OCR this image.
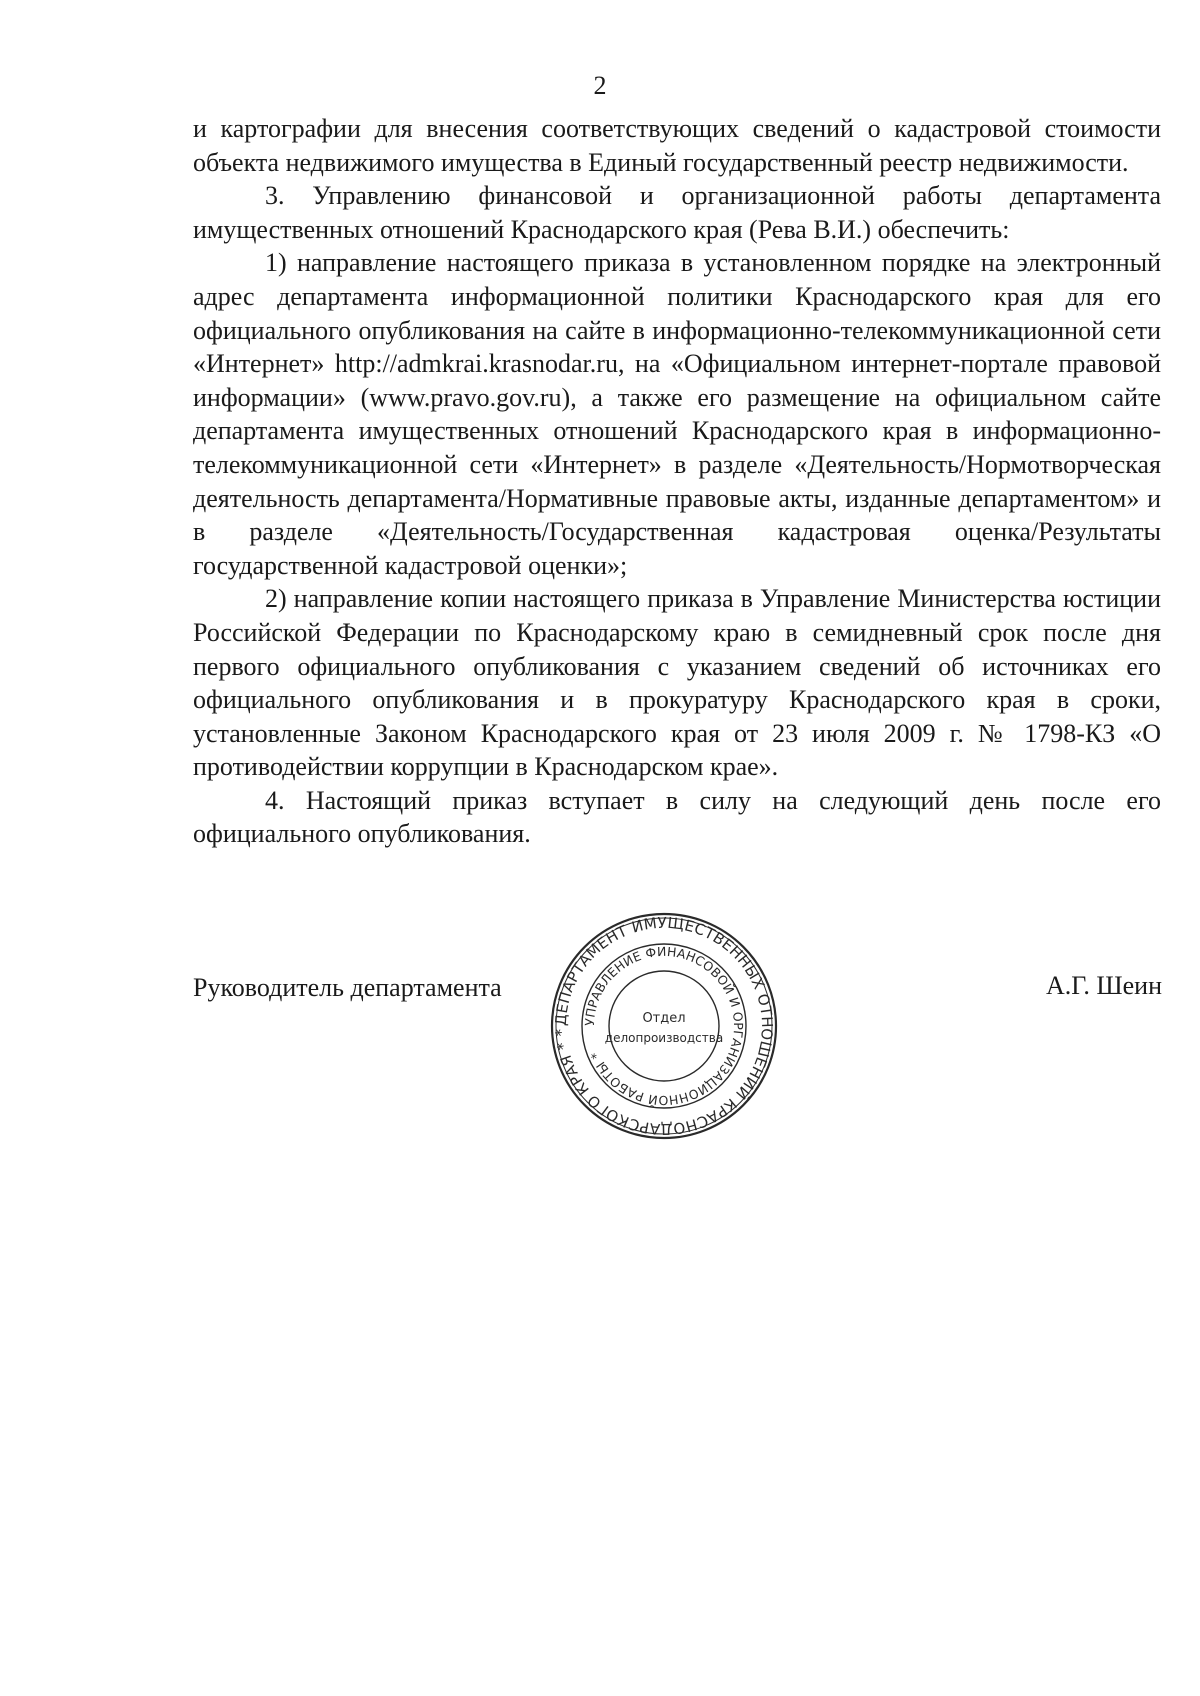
2

и картографии для внесения соответствующих сведений о кадастровой стоимости объекта недвижимого имущества в Единый государственный реестр недвижимости.

3. Управлению финансовой и организационной работы департамента имущественных отношений Краснодарского края (Рева В.И.) обеспечить:

1) направление настоящего приказа в установленном порядке на электронный адрес департамента информационной политики Краснодарского края для его официального опубликования на сайте в информационно-телекоммуникационной сети «Интернет» http://admkrai.krasnodar.ru, на «Официальном интернет-портале правовой информации» (www.pravo.gov.ru), а также его размещение на официальном сайте департамента имущественных отношений Краснодарского края в информационно-телекоммуникационной сети «Интернет» в разделе «Деятельность/Нормотворческая деятельность департамента/Нормативные правовые акты, изданные департаментом» и в разделе «Деятельность/Государственная кадастровая оценка/Результаты государственной кадастровой оценки»;

2) направление копии настоящего приказа в Управление Министерства юстиции Российской Федерации по Краснодарскому краю в семидневный срок после дня первого официального опубликования с указанием сведений об источниках его официального опубликования и в прокуратуру Краснодарского края в сроки, установленные Законом Краснодарского края от 23 июля 2009 г. № 1798-КЗ «О противодействии коррупции в Краснодарском крае».

4. Настоящий приказ вступает в силу на следующий день после его официального опубликования.

Руководитель департамента
ДЕПАРТАМЕНТ ИМУЩЕСТВЕННЫХ ОТНОШЕНИЙ КРАСНОДАРСКОГО КРАЯ * *
УПРАВЛЕНИЕ ФИНАНСОВОЙ И ОРГАНИЗАЦИОННОЙ РАБОТЫ *
Отдел
делопроизводства
А.Г. Шеин
